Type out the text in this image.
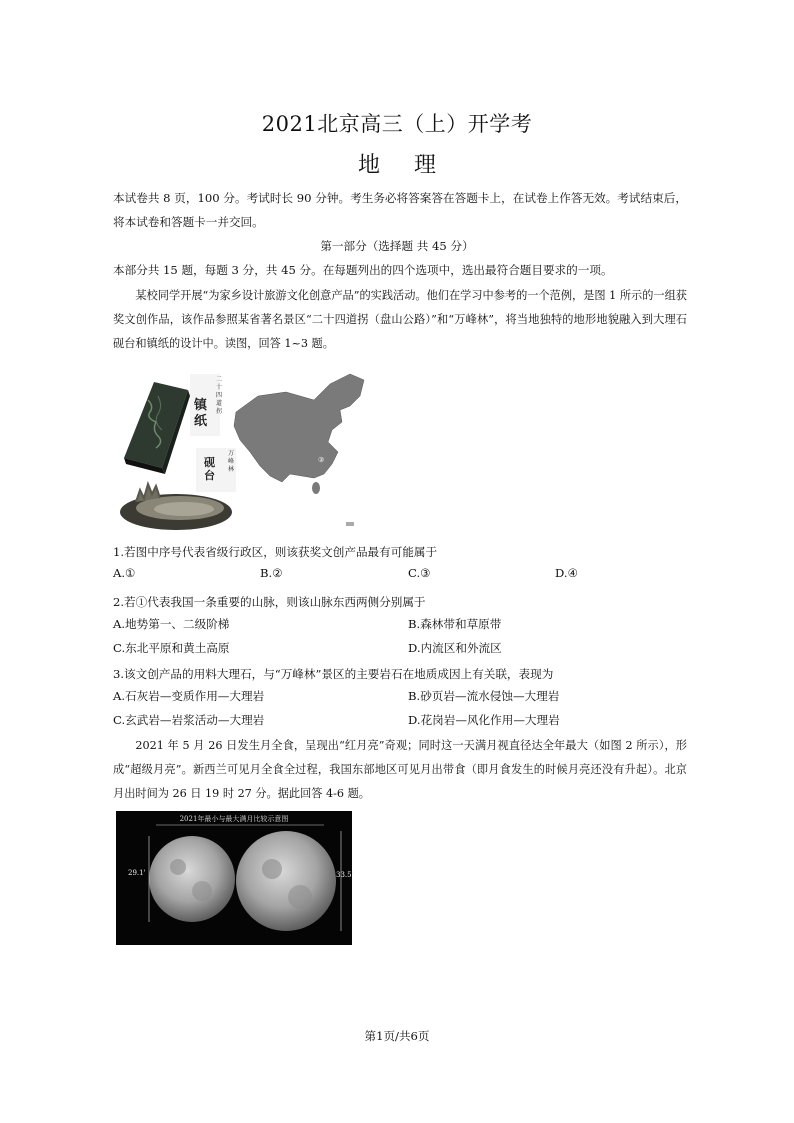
2021北京高三（上）开学考
地理
本试卷共 8 页，100 分。考试时长 90 分钟。考生务必将答案答在答题卡上，在试卷上作答无效。考试结束后，将本试卷和答题卡一并交回。
第一部分（选择题 共 45 分）
本部分共 15 题，每题 3 分，共 45 分。在每题列出的四个选项中，选出最符合题目要求的一项。
某校同学开展“为家乡设计旅游文化创意产品”的实践活动。他们在学习中参考的一个范例，是图 1 所示的一组获奖文创作品，该作品参照某省著名景区“二十四道拐（盘山公路）”和“万峰林”，将当地独特的地形地貌融入到大理石砚台和镇纸的设计中。读图，回答 1~3 题。
二十四道拐
镇纸
万峰林
砚台
①
②
③
④
1.若图中序号代表省级行政区，则该获奖文创产品最有可能属于
A.①	B.②	C.③	D.④
2.若①代表我国一条重要的山脉，则该山脉东西两侧分别属于
A.地势第一、二级阶梯	B.森林带和草原带
C.东北平原和黄土高原	D.内流区和外流区
3.该文创产品的用料大理石，与“万峰林”景区的主要岩石在地质成因上有关联，表现为
A.石灰岩—变质作用—大理岩	B.砂页岩—流水侵蚀—大理岩
C.玄武岩—岩浆活动—大理岩	D.花岗岩—风化作用—大理岩
2021 年 5 月 26 日发生月全食，呈现出“红月亮”奇观；同时这一天满月视直径达全年最大（如图 2 所示），形成“超级月亮”。新西兰可见月全食全过程，我国东部地区可见月出带食（即月食发生的时候月亮还没有升起）。北京月出时间为 26 日 19 时 27 分。据此回答 4-6 题。
2021年最小与最大满月比较示意图
29.1'	33.5'
第1页/共6页
